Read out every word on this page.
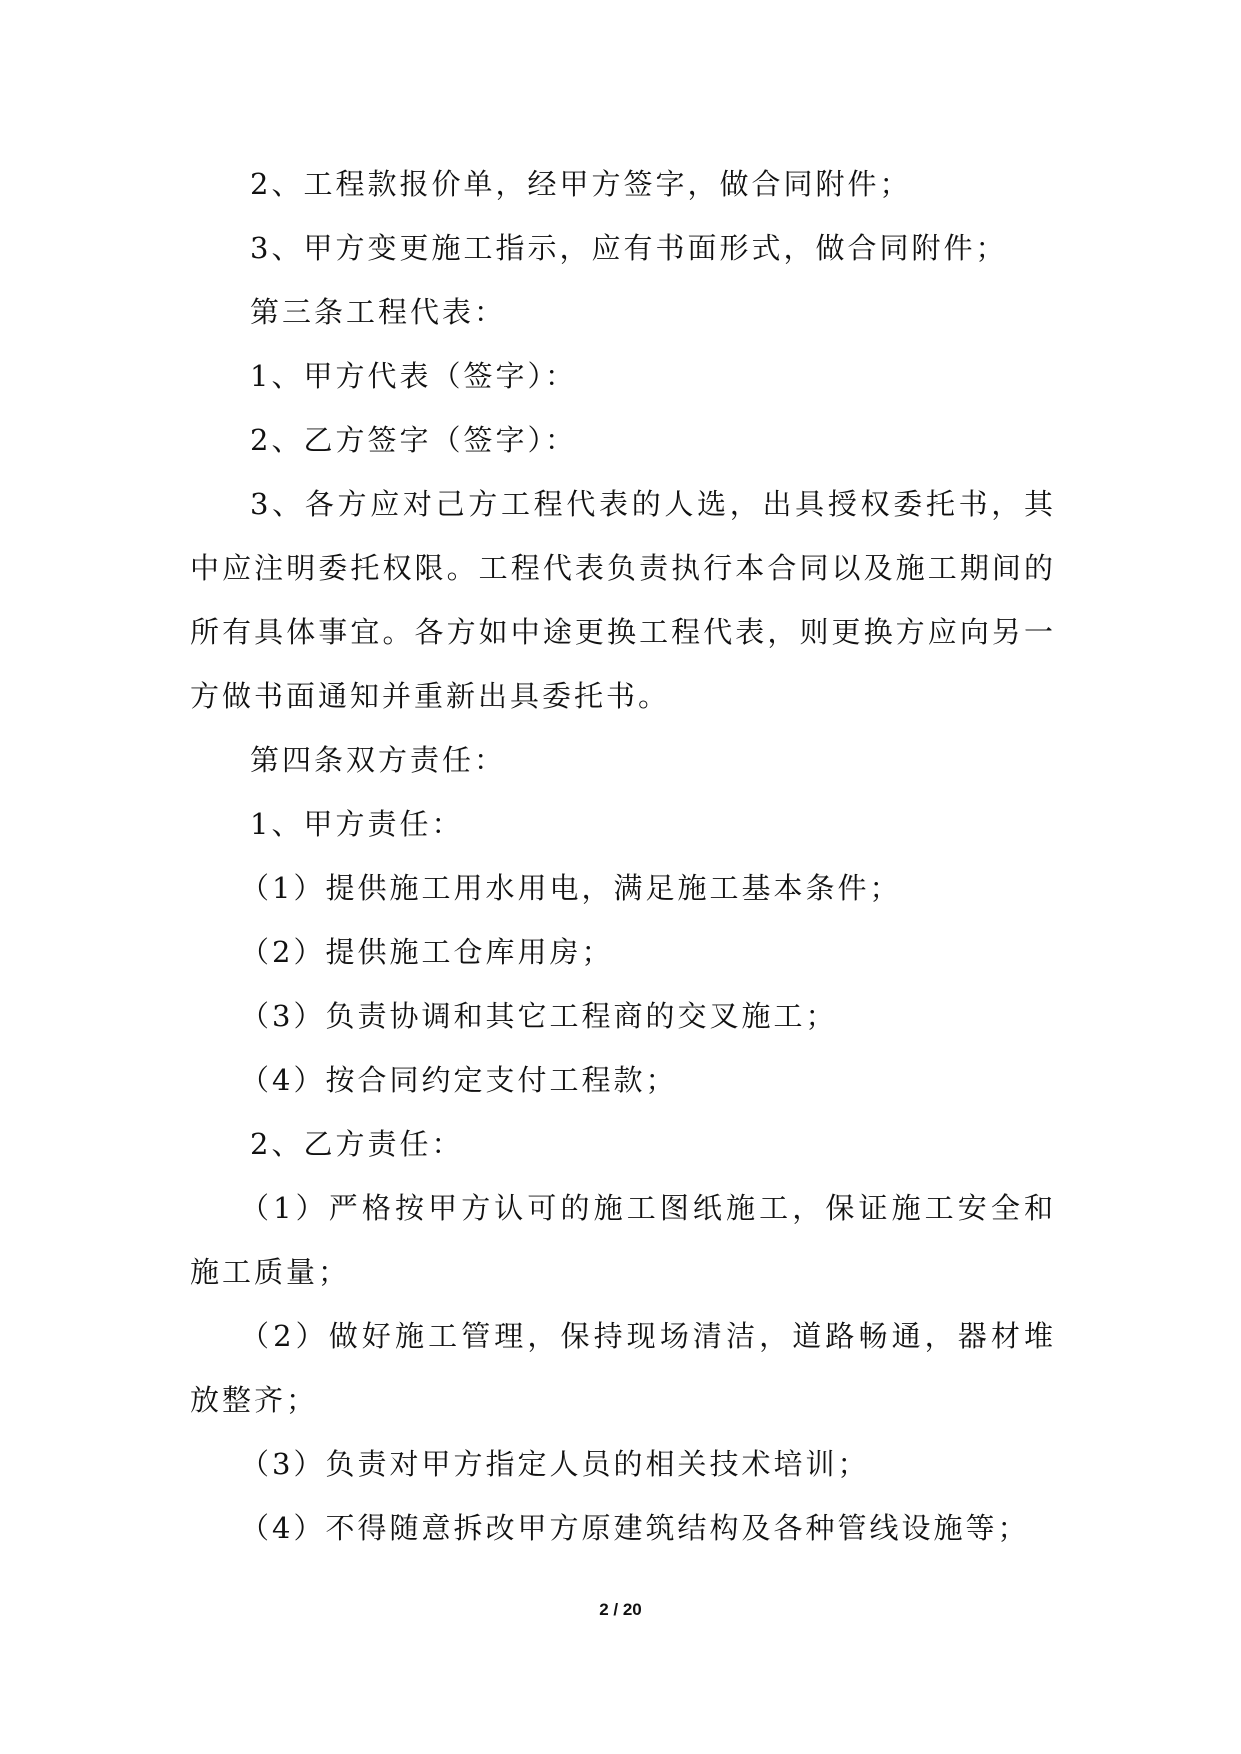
2、工程款报价单，经甲方签字，做合同附件；

3、甲方变更施工指示，应有书面形式，做合同附件；

第三条工程代表：

1、甲方代表（签字）：

2、乙方签字（签字）：

3、各方应对己方工程代表的人选，出具授权委托书，其中应注明委托权限。工程代表负责执行本合同以及施工期间的所有具体事宜。各方如中途更换工程代表，则更换方应向另一方做书面通知并重新出具委托书。

第四条双方责任：

1、甲方责任：

（1）提供施工用水用电，满足施工基本条件；

（2）提供施工仓库用房；

（3）负责协调和其它工程商的交叉施工；

（4）按合同约定支付工程款；

2、乙方责任：

（1）严格按甲方认可的施工图纸施工，保证施工安全和施工质量；

（2）做好施工管理，保持现场清洁，道路畅通，器材堆放整齐；

（3）负责对甲方指定人员的相关技术培训；

（4）不得随意拆改甲方原建筑结构及各种管线设施等；

2 / 20
